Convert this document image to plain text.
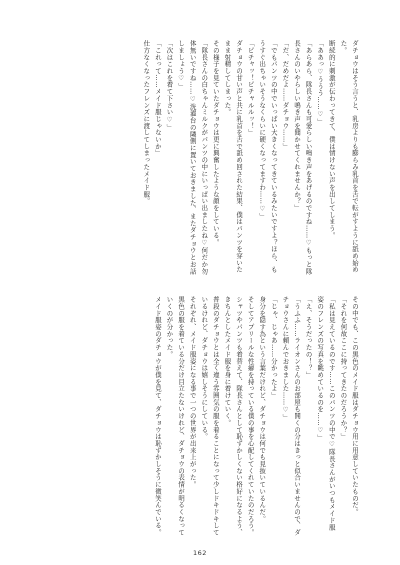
ダチョウはそう言うと、乳房よりも膨らみ乳首を舌で転がすように舐め始めた。
断続的に刺激が伝わってきて、僕は情けない声を出してしまう。
「ああっ♡ううう……♡」
「あらあら、隊長さんも可愛らしい鳴き声をあげるのですね……♡もっと隊長さんのいやらしい鳴き声を聞かせてくれませんか？」
「だ、だめだよ……ダチョウ……」
「でもパンツの中でいっぱい大きくなってきているみたいですよ？ほら、もうすぐ出ちゃいそうなくらいに硬くなってますわ……♡」
「ピチャッ！ピチャルルッ！」
ダチョウの甘い声と共に乳首を舌で舐め回された結果、僕はパンツを穿いたまま射精してしまった。
その様子を見ていたダチョウは更に興奮したような顔をしている。
「隊長さんの白ちゃんミルクがパンツの中にいっぱい出ましたね♡何だか勿体無いですね……♡洗濯台の隣側に置いておきました、またダチョウとお話しましょう♡」
「次はこれを着て下さい♡」
「これって……メイド服じゃないか」
仕方なくなったフレンズに渡してしまったメイド服。
その中でも、この黒色のメイド服はダチョウ用に用意していたものだ。
「それを何故ここに持ってきたのだろうか？」
「私は見えているのです……このパンツの中で♡隊長さんがいつもメイド服姿のフレンズの写真を眺めているのを……♡」
「え、そうだったの！？」
「うふふ……ライオンさんのお部屋も開くの分はきっと似合いませんので、ダチョウさんに頼んでおきました……♡」
「じゃ、じゃあ……分かったよ」
身分を隠す為という言葉だけれど、ダチョウは何でも見抜いているんだ。
そしてアプリールな性癖を持っている僕の事を心配してくれていたのだろう。シャツやパンツも着替えて、隊長さんとして恥ずかしくない格好になるよう、きちんとしたメイド服を身に着けていく。
普段のダチョウとは全く違う雰囲気の服を着ることになって少しドキドキしているけれど、ダチョウは嬉しそうにしている。
それぞれ、メイド服姿になる事で一つの世界が出来上がった。
黒色の服を着ている分だけ目立たないけれど、ダチョウの表情が明るくなっていくのが分かった。
メイド服姿のダチョウが僕を見て、ダチョウは恥ずかしそうに微笑んでいる。
162
